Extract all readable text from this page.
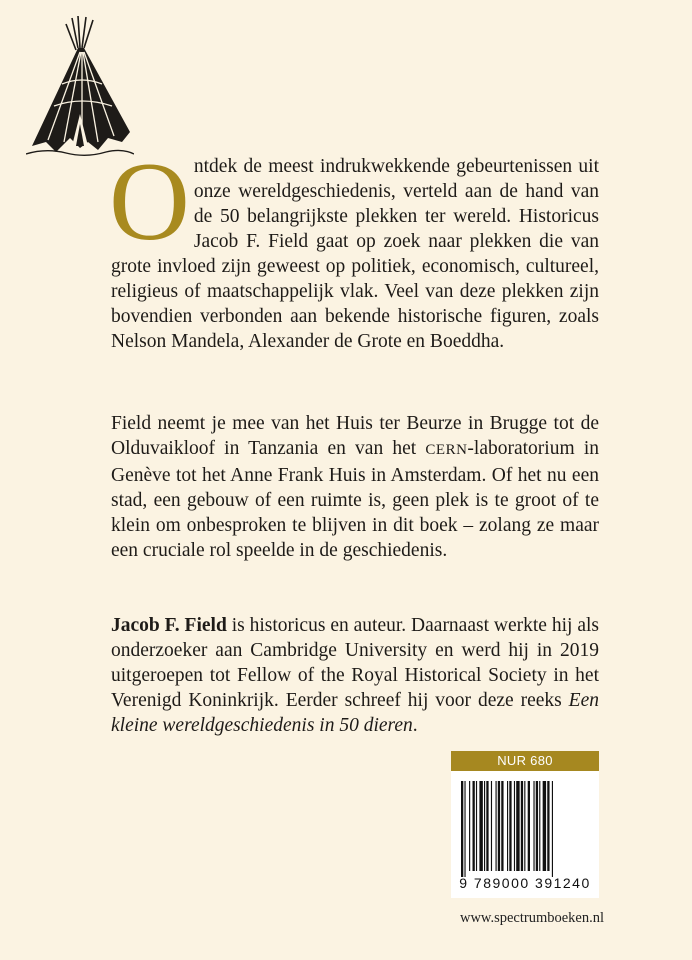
Ontdek de meest indrukwekkende gebeurtenissen uit onze wereldgeschiedenis, verteld aan de hand van de 50 belangrijkste plekken ter wereld. Historicus Jacob F. Field gaat op zoek naar plekken die van grote invloed zijn geweest op politiek, economisch, cultureel, religieus of maatschappelijk vlak. Veel van deze plekken zijn bovendien verbonden aan bekende historische figuren, zoals Nelson Mandela, Alexander de Grote en Boeddha.
Field neemt je mee van het Huis ter Beurze in Brugge tot de Olduvaikloof in Tanzania en van het CERN-laboratorium in Genève tot het Anne Frank Huis in Amsterdam. Of het nu een stad, een gebouw of een ruimte is, geen plek is te groot of te klein om onbesproken te blijven in dit boek – zolang ze maar een cruciale rol speelde in de geschiedenis.
Jacob F. Field is historicus en auteur. Daarnaast werkte hij als onderzoeker aan Cambridge University en werd hij in 2019 uitgeroepen tot Fellow of the Royal Historical Society in het Verenigd Koninkrijk. Eerder schreef hij voor deze reeks Een kleine wereldgeschiedenis in 50 dieren.
NUR 680
9 789000 391240
www.spectrumboeken.nl
